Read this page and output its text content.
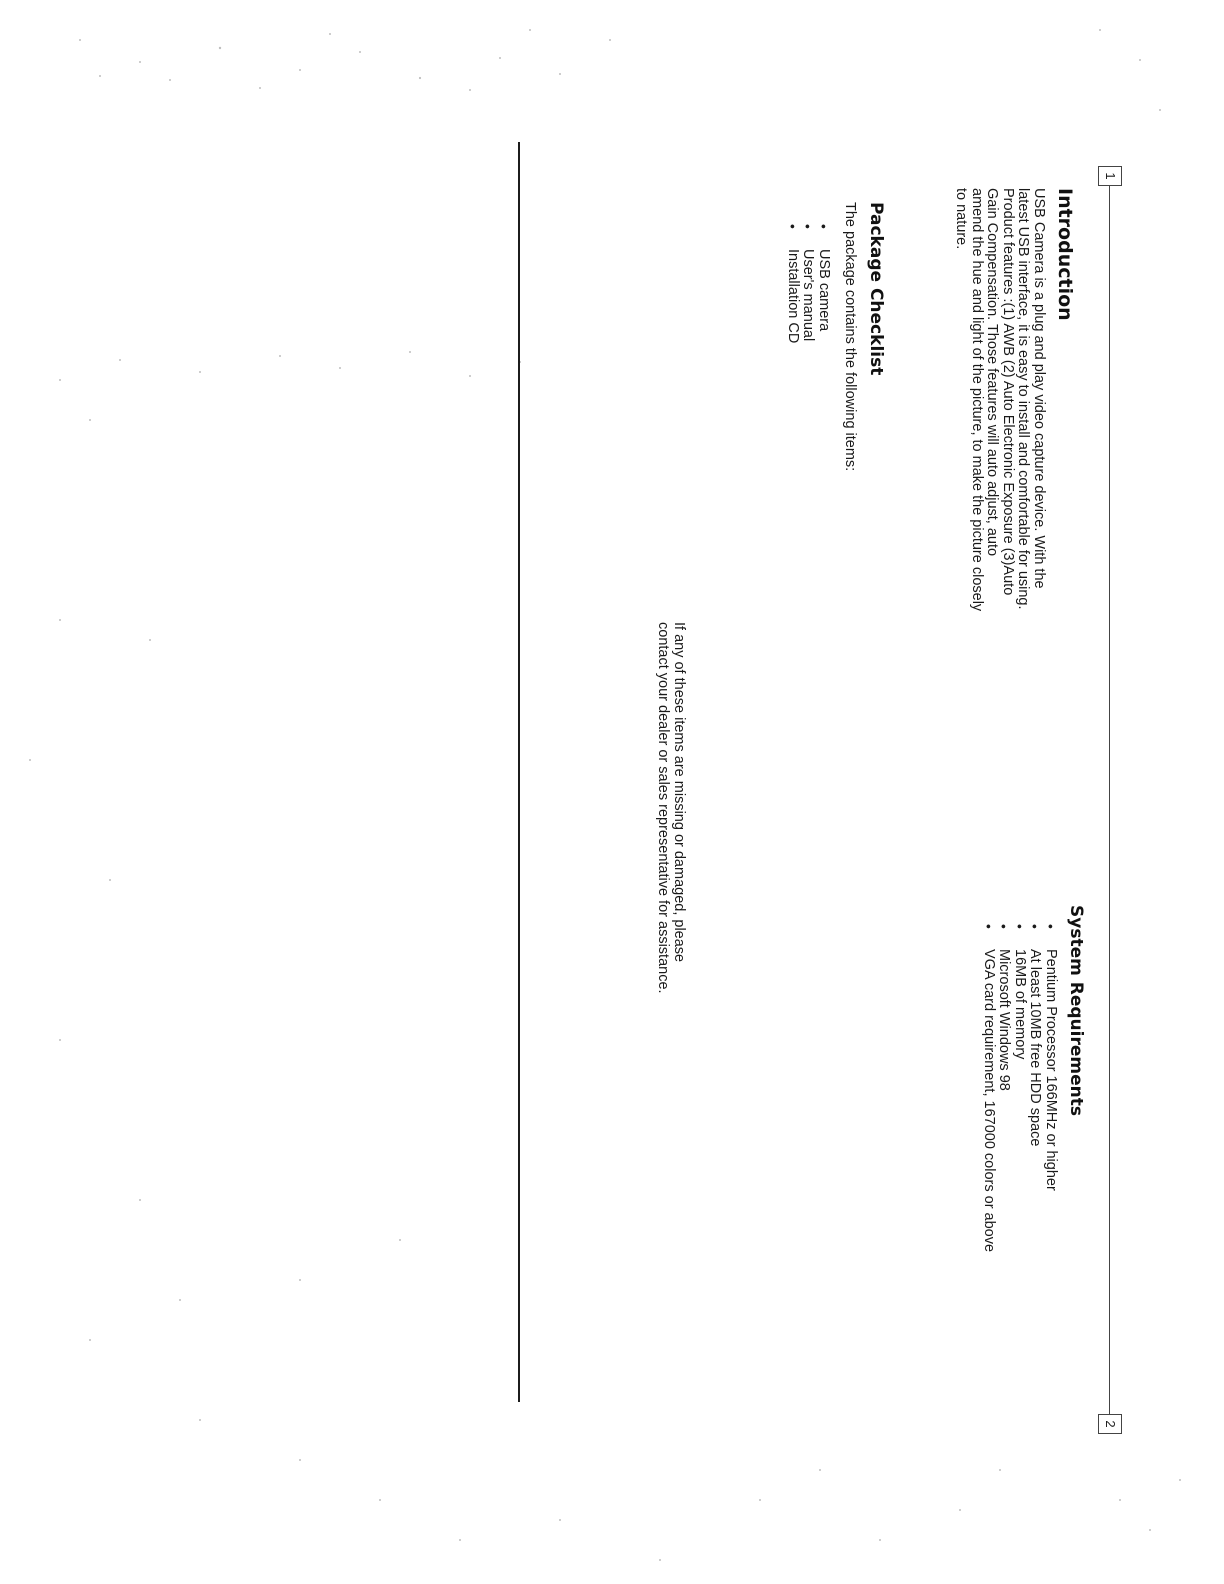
1
2
Introduction
USB Camera is a plug and play video capture device. With the
latest USB interface, it is easy to install and comfortable for using.
Product features :(1) AWB (2) Auto Electronic Exposure (3)Auto
Gain Compensation. Those features will auto adjust, auto
amend the hue and light of the picture, to make the picture closely
to nature.
Package Checklist
The package contains the following items:
• USB camera
• User's manual
• Installation CD
If any of these items are missing or damaged, please
contact your dealer or sales representative for assistance.
System Requirements
• Pentium Processor 166MHz or higher
• At least 10MB free HDD space
• 16MB of memory
• Microsoft Windows 98
• VGA card requirement, 167000 colors or above
